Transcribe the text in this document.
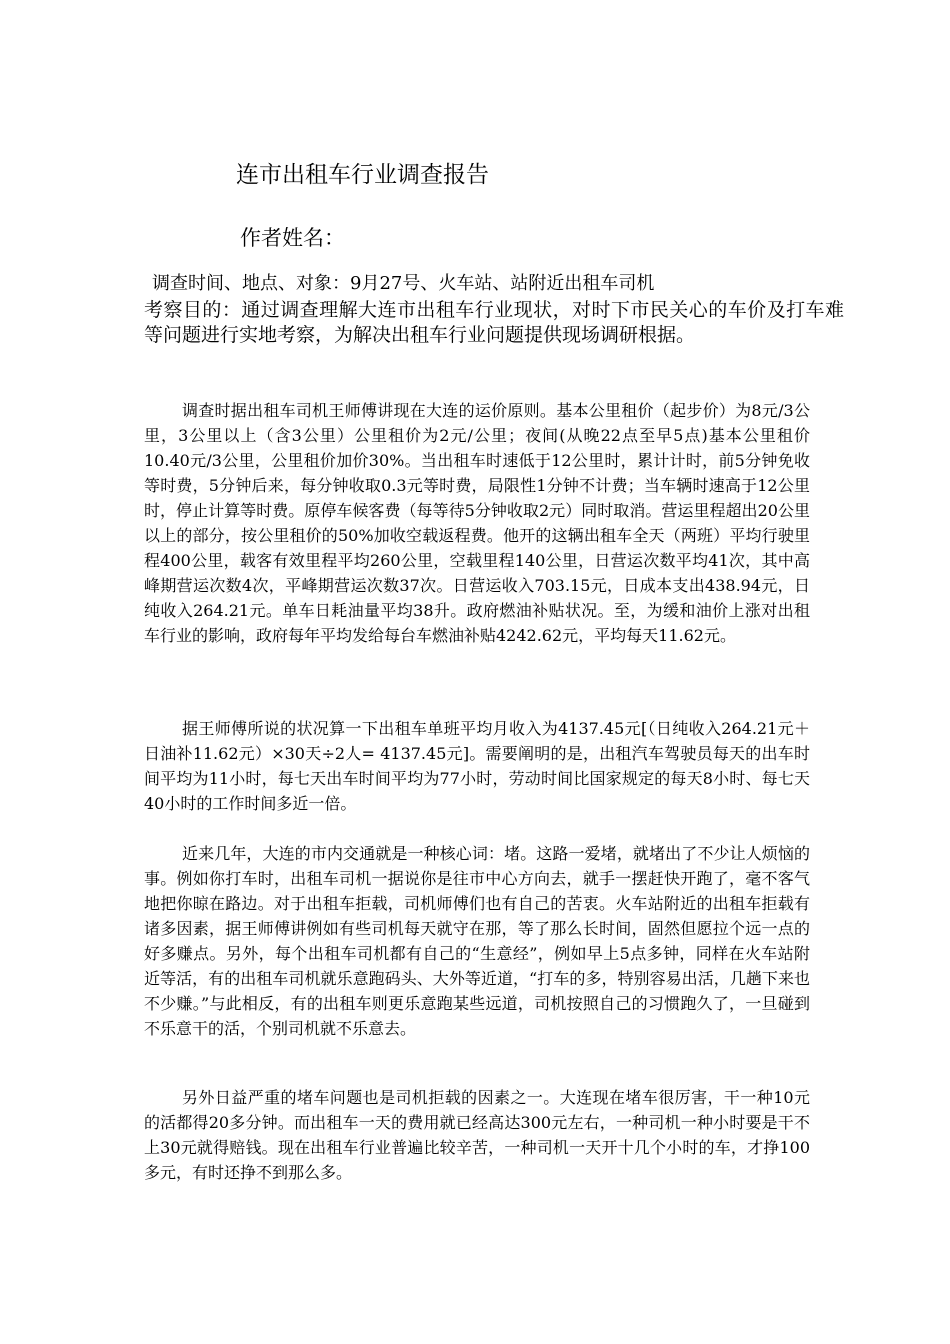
连市出租车行业调查报告
作者姓名：
调查时间、地点、对象：9月27号、火车站、站附近出租车司机
考察目的：通过调查理解大连市出租车行业现状，对时下市民关心的车价及打车难等问题进行实地考察，为解决出租车行业问题提供现场调研根据。

调查时据出租车司机王师傅讲现在大连的运价原则。基本公里租价（起步价）为8元/3公里，3公里以上（含3公里）公里租价为2元/公里；夜间(从晚22点至早5点)基本公里租价10.40元/3公里，公里租价加价30%。当出租车时速低于12公里时，累计计时，前5分钟免收等时费，5分钟后来，每分钟收取0.3元等时费，局限性1分钟不计费；当车辆时速高于12公里时，停止计算等时费。原停车候客费（每等待5分钟收取2元）同时取消。营运里程超出20公里以上的部分，按公里租价的50%加收空载返程费。他开的这辆出租车全天（两班）平均行驶里程400公里，载客有效里程平均260公里，空载里程140公里，日营运次数平均41次，其中高峰期营运次数4次，平峰期营运次数37次。日营运收入703.15元，日成本支出438.94元，日纯收入264.21元。单车日耗油量平均38升。政府燃油补贴状况。至，为缓和油价上涨对出租车行业的影响，政府每年平均发给每台车燃油补贴4242.62元，平均每天11.62元。

据王师傅所说的状况算一下出租车单班平均月收入为4137.45元[（日纯收入264.21元＋日油补11.62元）×30天÷2人= 4137.45元]。需要阐明的是，出租汽车驾驶员每天的出车时间平均为11小时，每七天出车时间平均为77小时，劳动时间比国家规定的每天8小时、每七天40小时的工作时间多近一倍。

近来几年，大连的市内交通就是一种核心词：堵。这路一爱堵，就堵出了不少让人烦恼的事。例如你打车时，出租车司机一据说你是往市中心方向去，就手一摆赶快开跑了，毫不客气地把你晾在路边。对于出租车拒载，司机师傅们也有自己的苦衷。火车站附近的出租车拒载有诸多因素，据王师傅讲例如有些司机每天就守在那，等了那么长时间，固然但愿拉个远一点的好多赚点。另外，每个出租车司机都有自己的“生意经”，例如早上5点多钟，同样在火车站附近等活，有的出租车司机就乐意跑码头、大外等近道，“打车的多，特别容易出活，几趟下来也不少赚。”与此相反，有的出租车则更乐意跑某些远道，司机按照自己的习惯跑久了，一旦碰到不乐意干的活，个别司机就不乐意去。

另外日益严重的堵车问题也是司机拒载的因素之一。大连现在堵车很厉害，干一种10元的活都得20多分钟。而出租车一天的费用就已经高达300元左右，一种司机一种小时要是干不上30元就得赔钱。现在出租车行业普遍比较辛苦，一种司机一天开十几个小时的车，才挣100多元，有时还挣不到那么多。
